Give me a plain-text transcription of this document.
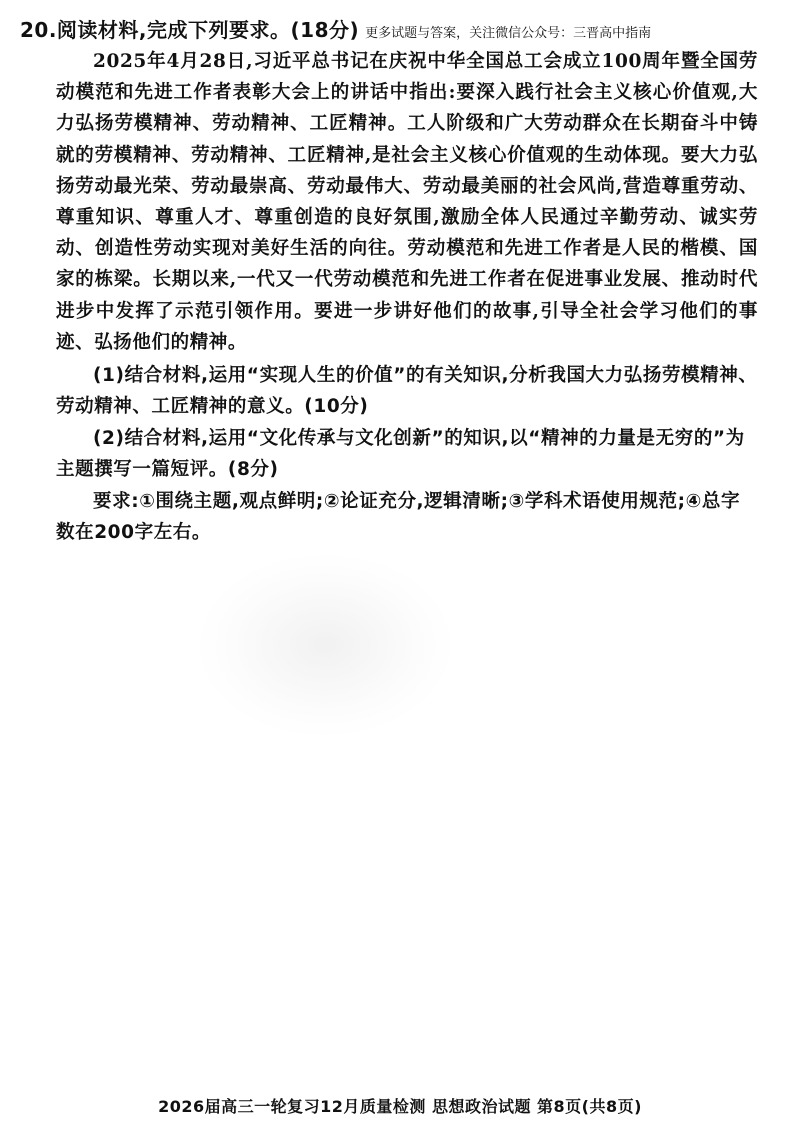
20.阅读材料,完成下列要求。(18分) 更多试题与答案，关注微信公众号：三晋高中指南

2025年4月28日,习近平总书记在庆祝中华全国总工会成立100周年暨全国劳动模范和先进工作者表彰大会上的讲话中指出:要深入践行社会主义核心价值观,大力弘扬劳模精神、劳动精神、工匠精神。工人阶级和广大劳动群众在长期奋斗中铸就的劳模精神、劳动精神、工匠精神,是社会主义核心价值观的生动体现。要大力弘扬劳动最光荣、劳动最崇高、劳动最伟大、劳动最美丽的社会风尚,营造尊重劳动、尊重知识、尊重人才、尊重创造的良好氛围,激励全体人民通过辛勤劳动、诚实劳动、创造性劳动实现对美好生活的向往。劳动模范和先进工作者是人民的楷模、国家的栋梁。长期以来,一代又一代劳动模范和先进工作者在促进事业发展、推动时代进步中发挥了示范引领作用。要进一步讲好他们的故事,引导全社会学习他们的事迹、弘扬他们的精神。

(1)结合材料,运用“实现人生的价值”的有关知识,分析我国大力弘扬劳模精神、劳动精神、工匠精神的意义。(10分)
(2)结合材料,运用“文化传承与文化创新”的知识,以“精神的力量是无穷的”为主题撰写一篇短评。(8分)
要求:①围绕主题,观点鲜明;②论证充分,逻辑清晰;③学科术语使用规范;④总字数在200字左右。
2026届高三一轮复习12月质量检测 思想政治试题 第8页(共8页)
